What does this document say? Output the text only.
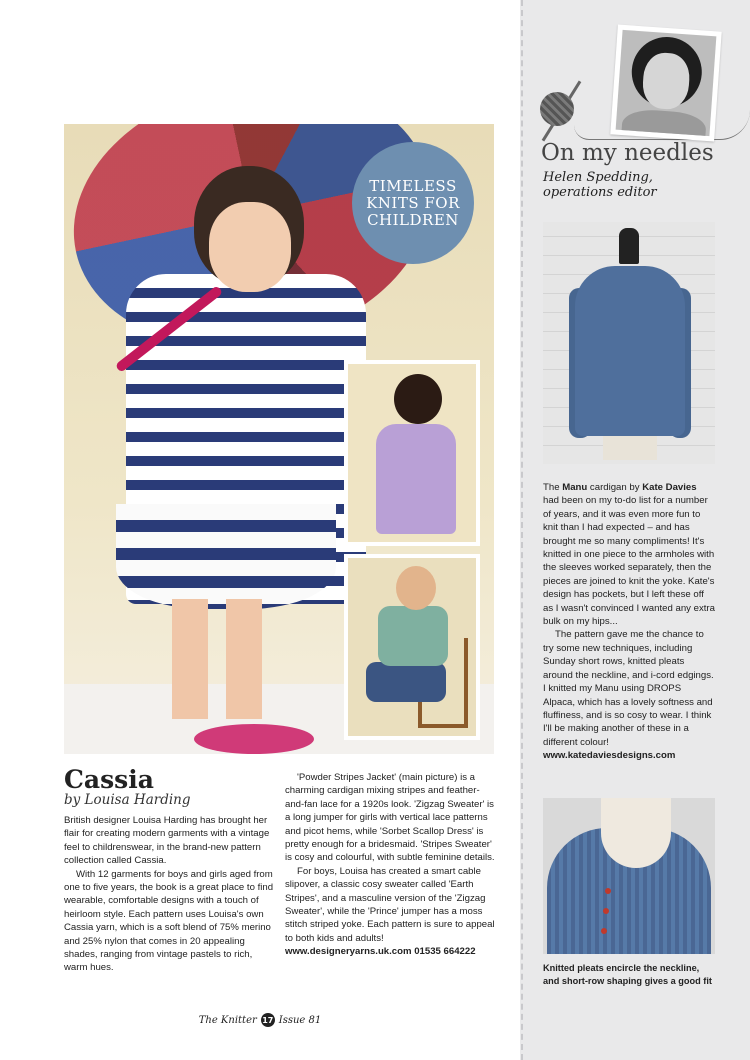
TIMELESS
KNITS FOR
CHILDREN
Cassia
by Louisa Harding

British designer Louisa Harding has brought her flair for creating modern garments with a vintage feel to childrenswear, in the brand-new pattern collection called Cassia.

With 12 garments for boys and girls aged from one to five years, the book is a great place to find wearable, comfortable designs with a touch of heirloom style. Each pattern uses Louisa's own Cassia yarn, which is a soft blend of 75% merino and 25% nylon that comes in 20 appealing shades, ranging from vintage pastels to rich, warm hues.

'Powder Stripes Jacket' (main picture) is a charming cardigan mixing stripes and feather-and-fan lace for a 1920s look. 'Zigzag Sweater' is a long jumper for girls with vertical lace patterns and picot hems, while 'Sorbet Scallop Dress' is pretty enough for a bridesmaid. 'Stripes Sweater' is cosy and colourful, with subtle feminine details.

For boys, Louisa has created a smart cable slipover, a classic cosy sweater called 'Earth Stripes', and a masculine version of the 'Zigzag Sweater', while the 'Prince' jumper has a moss stitch striped yoke. Each pattern is sure to appeal to both kids and adults!

www.designeryarns.uk.com 01535 664222

The Knitter 17 Issue 81
On my needles
Helen Spedding,
operations editor

The Manu cardigan by Kate Davies had been on my to-do list for a number of years, and it was even more fun to knit than I had expected – and has brought me so many compliments! It's knitted in one piece to the armholes with the sleeves worked separately, then the pieces are joined to knit the yoke. Kate's design has pockets, but I left these off as I wasn't convinced I wanted any extra bulk on my hips...

The pattern gave me the chance to try some new techniques, including Sunday short rows, knitted pleats around the neckline, and i-cord edgings. I knitted my Manu using DROPS Alpaca, which has a lovely softness and fluffiness, and is so cosy to wear. I think I'll be making another of these in a different colour!

www.katedaviesdesigns.com

Knitted pleats encircle the neckline, and short-row shaping gives a good fit
